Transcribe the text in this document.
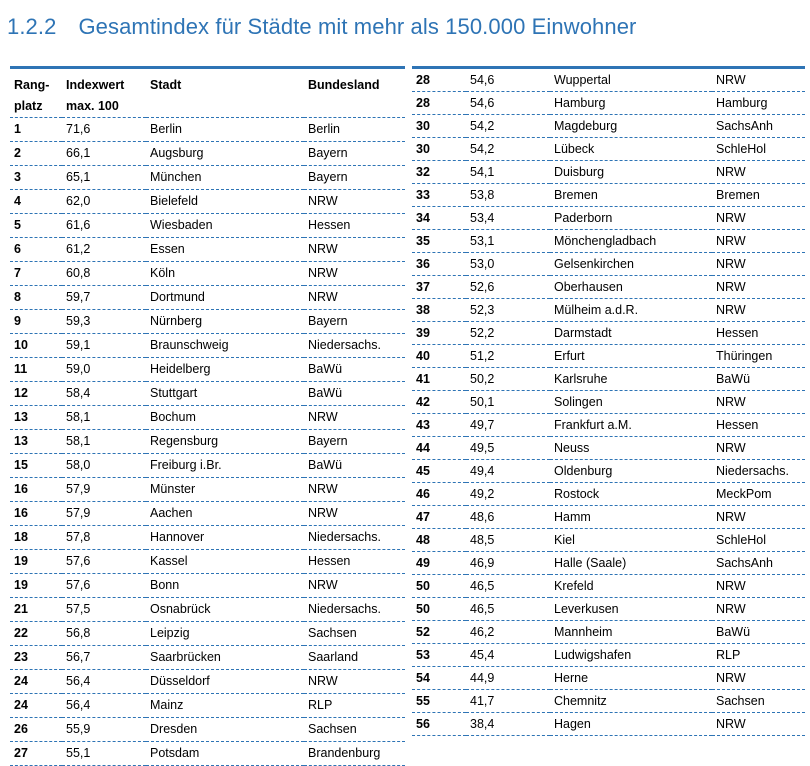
1.2.2 Gesamtindex für Städte mit mehr als 150.000 Einwohner
Rang-	Indexwert	Stadt	Bundesland
platz	max. 100		
1	71,6	Berlin	Berlin
2	66,1	Augsburg	Bayern
3	65,1	München	Bayern
4	62,0	Bielefeld	NRW
5	61,6	Wiesbaden	Hessen
6	61,2	Essen	NRW
7	60,8	Köln	NRW
8	59,7	Dortmund	NRW
9	59,3	Nürnberg	Bayern
10	59,1	Braunschweig	Niedersachs.
11	59,0	Heidelberg	BaWü
12	58,4	Stuttgart	BaWü
13	58,1	Bochum	NRW
13	58,1	Regensburg	Bayern
15	58,0	Freiburg i.Br.	BaWü
16	57,9	Münster	NRW
16	57,9	Aachen	NRW
18	57,8	Hannover	Niedersachs.
19	57,6	Kassel	Hessen
19	57,6	Bonn	NRW
21	57,5	Osnabrück	Niedersachs.
22	56,8	Leipzig	Sachsen
23	56,7	Saarbrücken	Saarland
24	56,4	Düsseldorf	NRW
24	56,4	Mainz	RLP
26	55,9	Dresden	Sachsen
27	55,1	Potsdam	Brandenburg
28	54,6	Wuppertal	NRW
28	54,6	Hamburg	Hamburg
30	54,2	Magdeburg	SachsAnh
30	54,2	Lübeck	SchleHol
32	54,1	Duisburg	NRW
33	53,8	Bremen	Bremen
34	53,4	Paderborn	NRW
35	53,1	Mönchengladbach	NRW
36	53,0	Gelsenkirchen	NRW
37	52,6	Oberhausen	NRW
38	52,3	Mülheim a.d.R.	NRW
39	52,2	Darmstadt	Hessen
40	51,2	Erfurt	Thüringen
41	50,2	Karlsruhe	BaWü
42	50,1	Solingen	NRW
43	49,7	Frankfurt a.M.	Hessen
44	49,5	Neuss	NRW
45	49,4	Oldenburg	Niedersachs.
46	49,2	Rostock	MeckPom
47	48,6	Hamm	NRW
48	48,5	Kiel	SchleHol
49	46,9	Halle (Saale)	SachsAnh
50	46,5	Krefeld	NRW
50	46,5	Leverkusen	NRW
52	46,2	Mannheim	BaWü
53	45,4	Ludwigshafen	RLP
54	44,9	Herne	NRW
55	41,7	Chemnitz	Sachsen
56	38,4	Hagen	NRW
